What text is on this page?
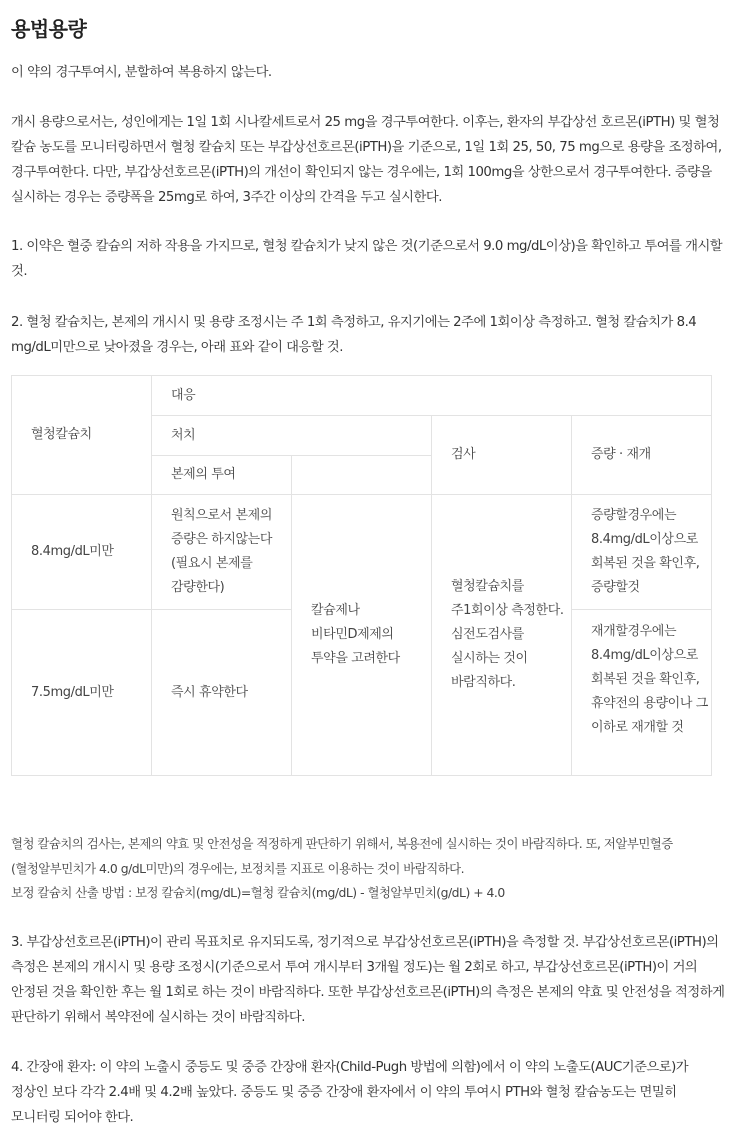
용법용량

이 약의 경구투여시, 분할하여 복용하지 않는다.

개시 용량으로서는, 성인에게는 1일 1회 시나칼세트로서 25 mg을 경구투여한다. 이후는, 환자의 부갑상선 호르몬(iPTH) 및 혈청 칼슘 농도를 모니터링하면서 혈청 칼슘치 또는 부갑상선호르몬(iPTH)을 기준으로, 1일 1회 25, 50, 75 mg으로 용량을 조정하여, 경구투여한다. 다만, 부갑상선호르몬(iPTH)의 개선이 확인되지 않는 경우에는, 1회 100mg을 상한으로서 경구투여한다. 증량을 실시하는 경우는 증량폭을 25mg로 하여, 3주간 이상의 간격을 두고 실시한다.

1. 이약은 혈중 칼슘의 저하 작용을 가지므로, 혈청 칼슘치가 낮지 않은 것(기준으로서 9.0 mg/dL이상)을 확인하고 투여를 개시할 것.

2. 혈청 칼슘치는, 본제의 개시시 및 용량 조정시는 주 1회 측정하고, 유지기에는 2주에 1회이상 측정하고. 혈청 칼슘치가 8.4 mg/dL미만으로 낮아졌을 경우는, 아래 표와 같이 대응할 것.

혈청칼슘치	대응			
	처치		검사	증량 · 재개
	본제의 투여			
8.4mg/dL미만	원칙으로서 본제의 증량은 하지않는다(필요시 본제를 감량한다)	칼슘제나 비타민D제제의 투약을 고려한다	혈청칼슘치를 주1회이상 측정한다. 심전도검사를 실시하는 것이 바람직하다.	증량할경우에는 8.4mg/dL이상으로 회복된 것을 확인후, 증량할것
7.5mg/dL미만	즉시 휴약한다			재개할경우에는 8.4mg/dL이상으로 회복된 것을 확인후, 휴약전의 용량이나 그 이하로 재개할 것

혈청 칼슘치의 검사는, 본제의 약효 및 안전성을 적정하게 판단하기 위해서, 복용전에 실시하는 것이 바람직하다. 또, 저알부민혈증(혈청알부민치가 4.0 g/dL미만)의 경우에는, 보정치를 지표로 이용하는 것이 바람직하다.

보정 칼슘치 산출 방법 : 보정 칼슘치(mg/dL)=혈청 칼슘치(mg/dL) - 혈청알부민치(g/dL) + 4.0

3. 부갑상선호르몬(iPTH)이 관리 목표치로 유지되도록, 정기적으로 부갑상선호르몬(iPTH)을 측정할 것. 부갑상선호르몬(iPTH)의 측정은 본제의 개시시 및 용량 조정시(기준으로서 투여 개시부터 3개월 정도)는 월 2회로 하고, 부갑상선호르몬(iPTH)이 거의 안정된 것을 확인한 후는 월 1회로 하는 것이 바람직하다. 또한 부갑상선호르몬(iPTH)의 측정은 본제의 약효 및 안전성을 적정하게 판단하기 위해서 복약전에 실시하는 것이 바람직하다.

4. 간장애 환자: 이 약의 노출시 중등도 및 중증 간장애 환자(Child-Pugh 방법에 의함)에서 이 약의 노출도(AUC기준으로)가 정상인 보다 각각 2.4배 및 4.2배 높았다. 중등도 및 중증 간장애 환자에서 이 약의 투여시 PTH와 혈청 칼슘농도는 면밀히 모니터링 되어야 한다.
